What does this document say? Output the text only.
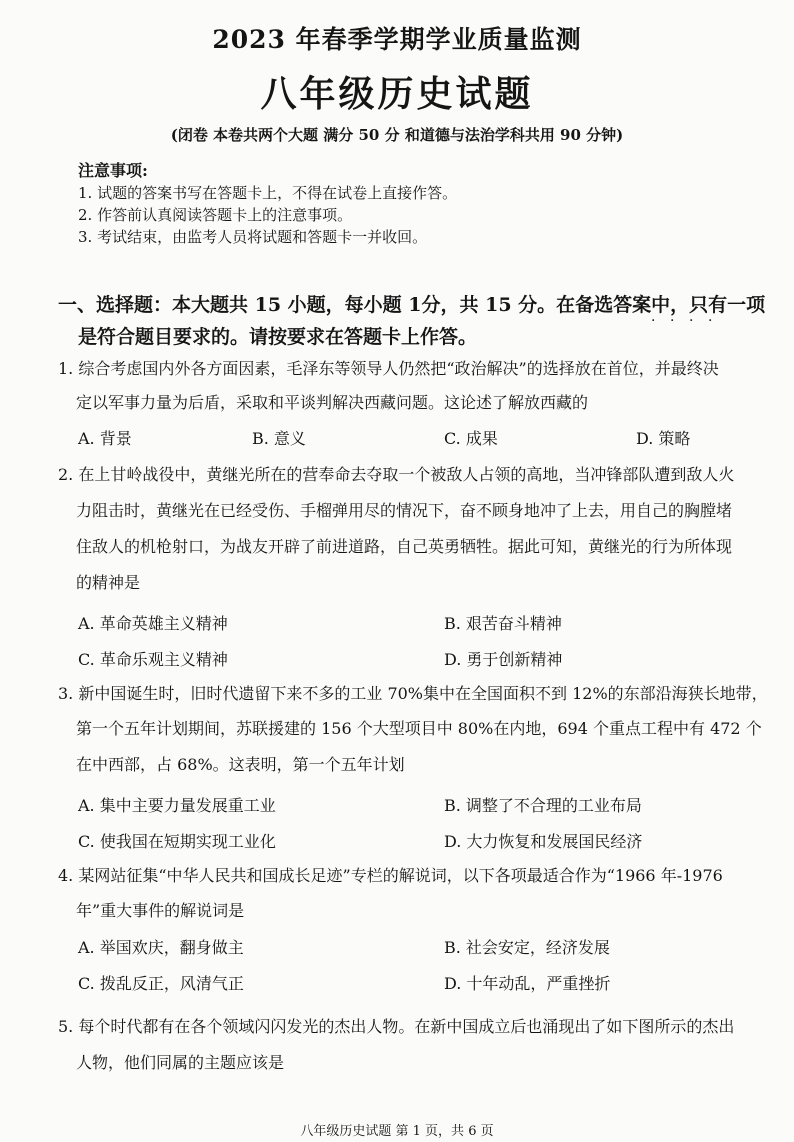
2023 年春季学期学业质量监测
八年级历史试题
(闭卷 本卷共两个大题 满分 50 分 和道德与法治学科共用 90 分钟)
注意事项:
1. 试题的答案书写在答题卡上，不得在试卷上直接作答。
2. 作答前认真阅读答题卡上的注意事项。
3. 考试结束，由监考人员将试题和答题卡一并收回。
一、选择题：本大题共 15 小题，每小题 1分，共 15 分。在备选答案中，只有一项
· · · ·
是符合题目要求的。请按要求在答题卡上作答。
1. 综合考虑国内外各方面因素，毛泽东等领导人仍然把“政治解决”的选择放在首位，并最终决
定以军事力量为后盾，采取和平谈判解决西藏问题。这论述了解放西藏的
A. 背景	B. 意义	C. 成果	D. 策略
2. 在上甘岭战役中，黄继光所在的营奉命去夺取一个被敌人占领的高地，当冲锋部队遭到敌人火
力阻击时，黄继光在已经受伤、手榴弹用尽的情况下，奋不顾身地冲了上去，用自己的胸膛堵
住敌人的机枪射口，为战友开辟了前进道路，自己英勇牺牲。据此可知，黄继光的行为所体现
的精神是
A. 革命英雄主义精神	B. 艰苦奋斗精神
C. 革命乐观主义精神	D. 勇于创新精神
3. 新中国诞生时，旧时代遗留下来不多的工业 70%集中在全国面积不到 12%的东部沿海狭长地带，
第一个五年计划期间，苏联援建的 156 个大型项目中 80%在内地，694 个重点工程中有 472 个
在中西部，占 68%。这表明，第一个五年计划
A. 集中主要力量发展重工业	B. 调整了不合理的工业布局
C. 使我国在短期实现工业化	D. 大力恢复和发展国民经济
4. 某网站征集“中华人民共和国成长足迹”专栏的解说词，以下各项最适合作为“1966 年-1976
年”重大事件的解说词是
A. 举国欢庆，翻身做主	B. 社会安定，经济发展
C. 拨乱反正，风清气正	D. 十年动乱，严重挫折
5. 每个时代都有在各个领域闪闪发光的杰出人物。在新中国成立后也涌现出了如下图所示的杰出
人物，他们同属的主题应该是
八年级历史试题 第 1 页，共 6 页
